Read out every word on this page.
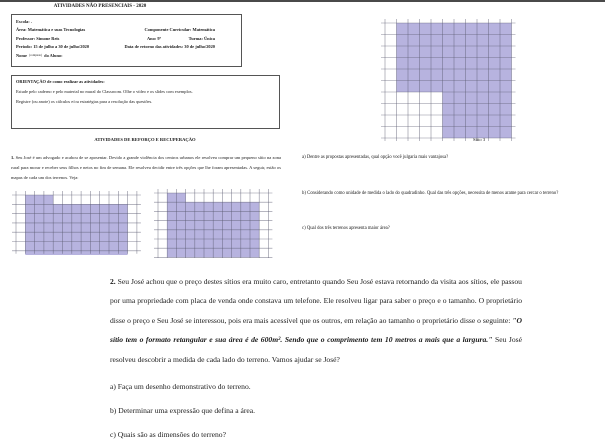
ATIVIDADES NÃO PRESENCIAIS - 2020
Escola: .
Área: Matemática e suas Tecnologias	Componente Curricular: Matemática
Professor: Simone Reis	Ano: 9º	Turma: Única
Período: 15 de julho a 30 de julho/2020	Data de retorno das atividades: 30 de julho/2020
Nome (completo) do Aluno:
ORIENTAÇÃO de como realizar as atividades:
Estude pelo caderno e pelo material no mural do Classroom. Olhe o vídeo e os slides com exemplos.
Registre (ou anote) os cálculos e/ou estratégias para a resolução das questões.
ATIVIDADES DE REFORÇO E RECUPERAÇÃO
1. Seu José é um advogado e acabou de se aposentar. Devido a grande violência dos centros urbanos ele resolveu comprar um pequeno sítio na zona rural para morar e receber seus filhos e netos no fim de semana. Ele resolveu decidir entre três opções que lhe foram apresentadas. A seguir, estão os mapas de cada um dos terrenos. Veja:
Sítio 3
a) Dentre as propostas apresentadas, qual opção você julgaria mais vantajosa?
b) Considerando como unidade de medida o lado do quadradinho. Qual das três opções, necessita de menos arame para cercar o terreno?
c) Qual dos três terrenos apresenta maior área?
2. Seu José achou que o preço destes sítios era muito caro, entretanto quando Seu José estava retornando da visita aos sítios, ele passou por uma propriedade com placa de venda onde constava um telefone. Ele resolveu ligar para saber o preço e o tamanho. O proprietário disse o preço e Seu José se interessou, pois era mais acessível que os outros, em relação ao tamanho o proprietário disse o seguinte: "O sítio tem o formato retangular e sua área é de 600m². Sendo que o comprimento tem 10 metros a mais que a largura." Seu José resolveu descobrir a medida de cada lado do terreno. Vamos ajudar se José?
a) Faça um desenho demonstrativo do terreno.
b) Determinar uma expressão que defina a área.
c) Quais são as dimensões do terreno?
